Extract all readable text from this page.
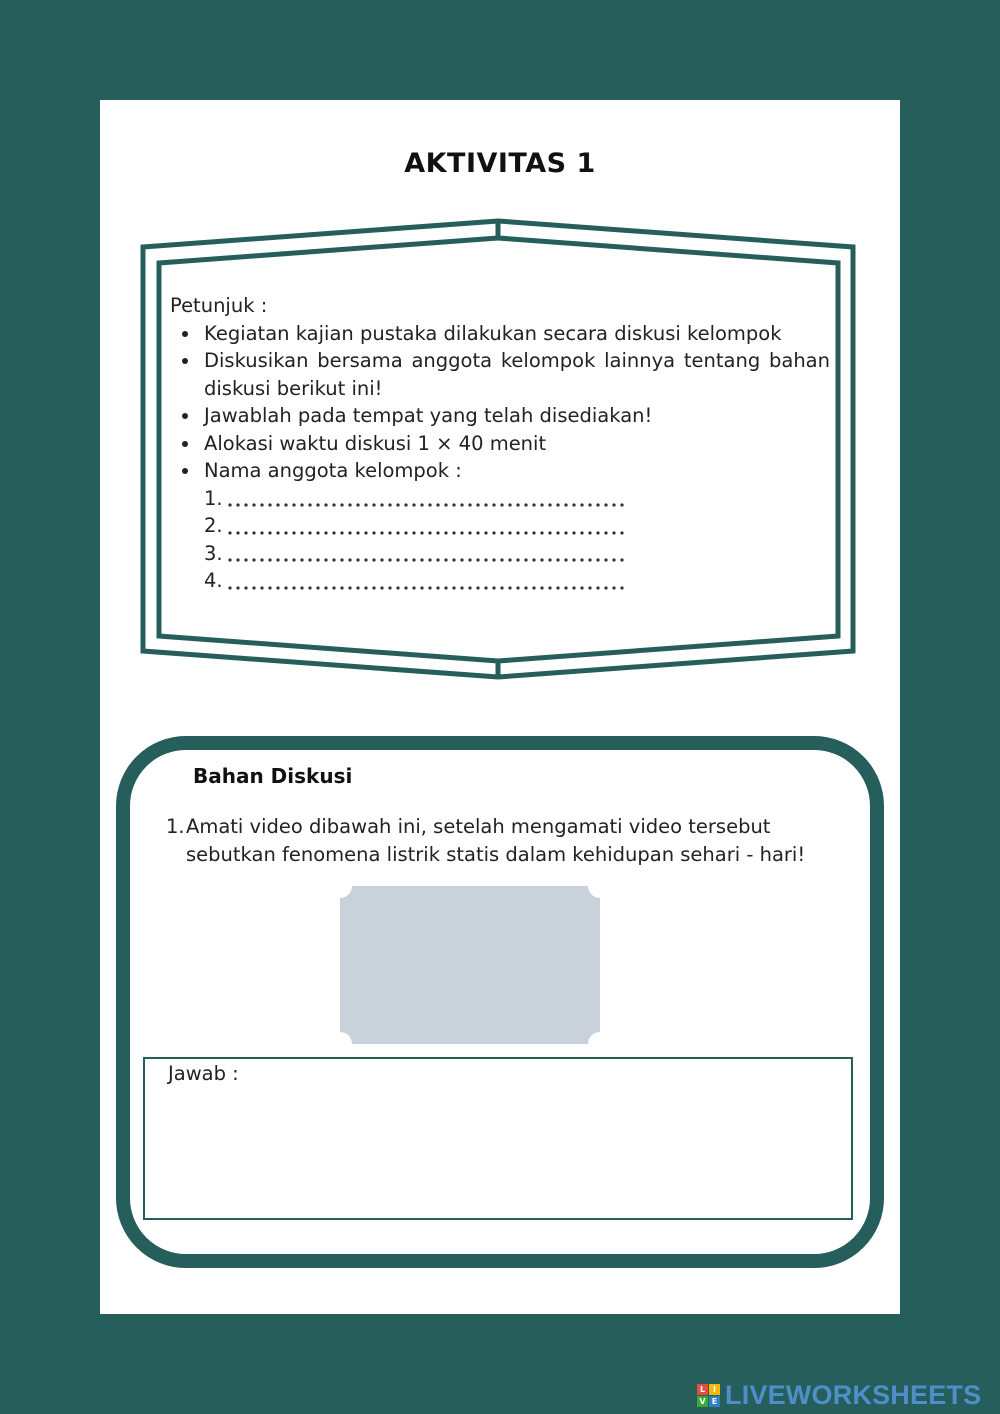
AKTIVITAS 1
Petunjuk :
Kegiatan kajian pustaka dilakukan secara diskusi kelompok
Diskusikan bersama anggota kelompok lainnya tentang bahan diskusi berikut ini!
Jawablah pada tempat yang telah disediakan!
Alokasi waktu diskusi 1 × 40 menit
Nama anggota kelompok :
1.
2.
3.
4.
Bahan Diskusi
1. Amati video dibawah ini, setelah mengamati video tersebut sebutkan fenomena listrik statis dalam kehidupan sehari - hari!
Jawab :
L I
V E LIVEWORKSHEETS
